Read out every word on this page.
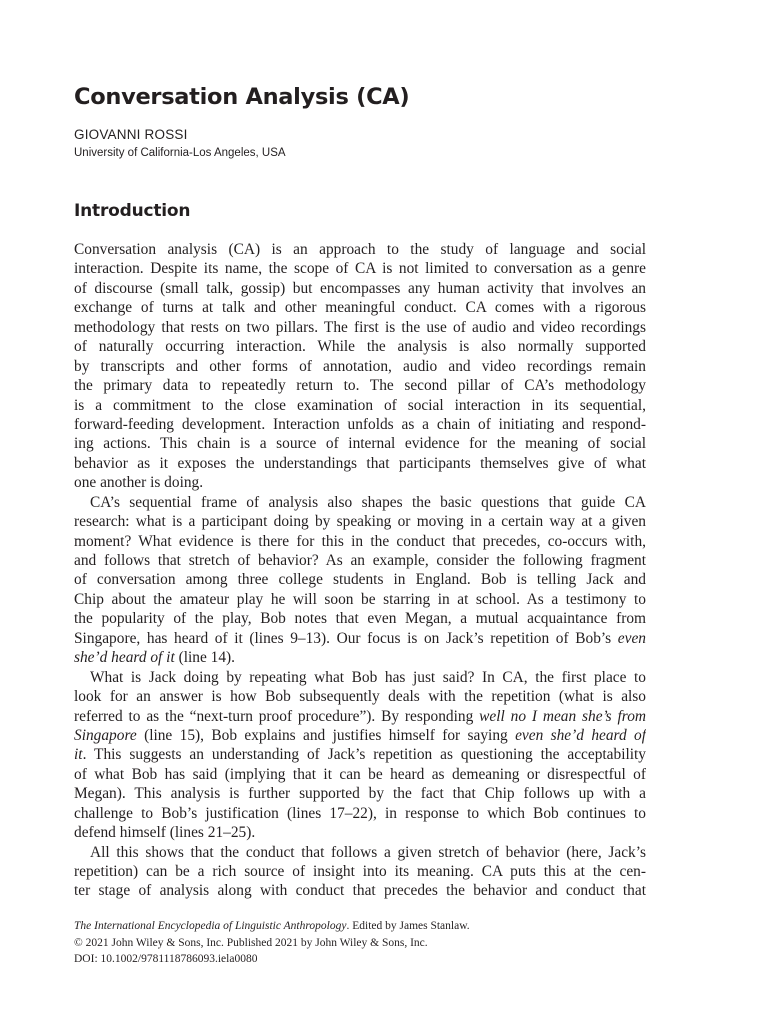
Conversation Analysis (CA)
GIOVANNI ROSSI
University of California-Los Angeles, USA
Introduction
Conversation analysis (CA) is an approach to the study of language and social
interaction. Despite its name, the scope of CA is not limited to conversation as a genre
of discourse (small talk, gossip) but encompasses any human activity that involves an
exchange of turns at talk and other meaningful conduct. CA comes with a rigorous
methodology that rests on two pillars. The first is the use of audio and video recordings
of naturally occurring interaction. While the analysis is also normally supported
by transcripts and other forms of annotation, audio and video recordings remain
the primary data to repeatedly return to. The second pillar of CA’s methodology
is a commitment to the close examination of social interaction in its sequential,
forward-feeding development. Interaction unfolds as a chain of initiating and respond-
ing actions. This chain is a source of internal evidence for the meaning of social
behavior as it exposes the understandings that participants themselves give of what
one another is doing.
CA’s sequential frame of analysis also shapes the basic questions that guide CA
research: what is a participant doing by speaking or moving in a certain way at a given
moment? What evidence is there for this in the conduct that precedes, co-occurs with,
and follows that stretch of behavior? As an example, consider the following fragment
of conversation among three college students in England. Bob is telling Jack and
Chip about the amateur play he will soon be starring in at school. As a testimony to
the popularity of the play, Bob notes that even Megan, a mutual acquaintance from
Singapore, has heard of it (lines 9–13). Our focus is on Jack’s repetition of Bob’s even
she’d heard of it (line 14).
What is Jack doing by repeating what Bob has just said? In CA, the first place to
look for an answer is how Bob subsequently deals with the repetition (what is also
referred to as the “next-turn proof procedure”). By responding well no I mean she’s from
Singapore (line 15), Bob explains and justifies himself for saying even she’d heard of
it. This suggests an understanding of Jack’s repetition as questioning the acceptability
of what Bob has said (implying that it can be heard as demeaning or disrespectful of
Megan). This analysis is further supported by the fact that Chip follows up with a
challenge to Bob’s justification (lines 17–22), in response to which Bob continues to
defend himself (lines 21–25).
All this shows that the conduct that follows a given stretch of behavior (here, Jack’s
repetition) can be a rich source of insight into its meaning. CA puts this at the cen-
ter stage of analysis along with conduct that precedes the behavior and conduct that
The International Encyclopedia of Linguistic Anthropology. Edited by James Stanlaw.
© 2021 John Wiley & Sons, Inc. Published 2021 by John Wiley & Sons, Inc.
DOI: 10.1002/9781118786093.iela0080
